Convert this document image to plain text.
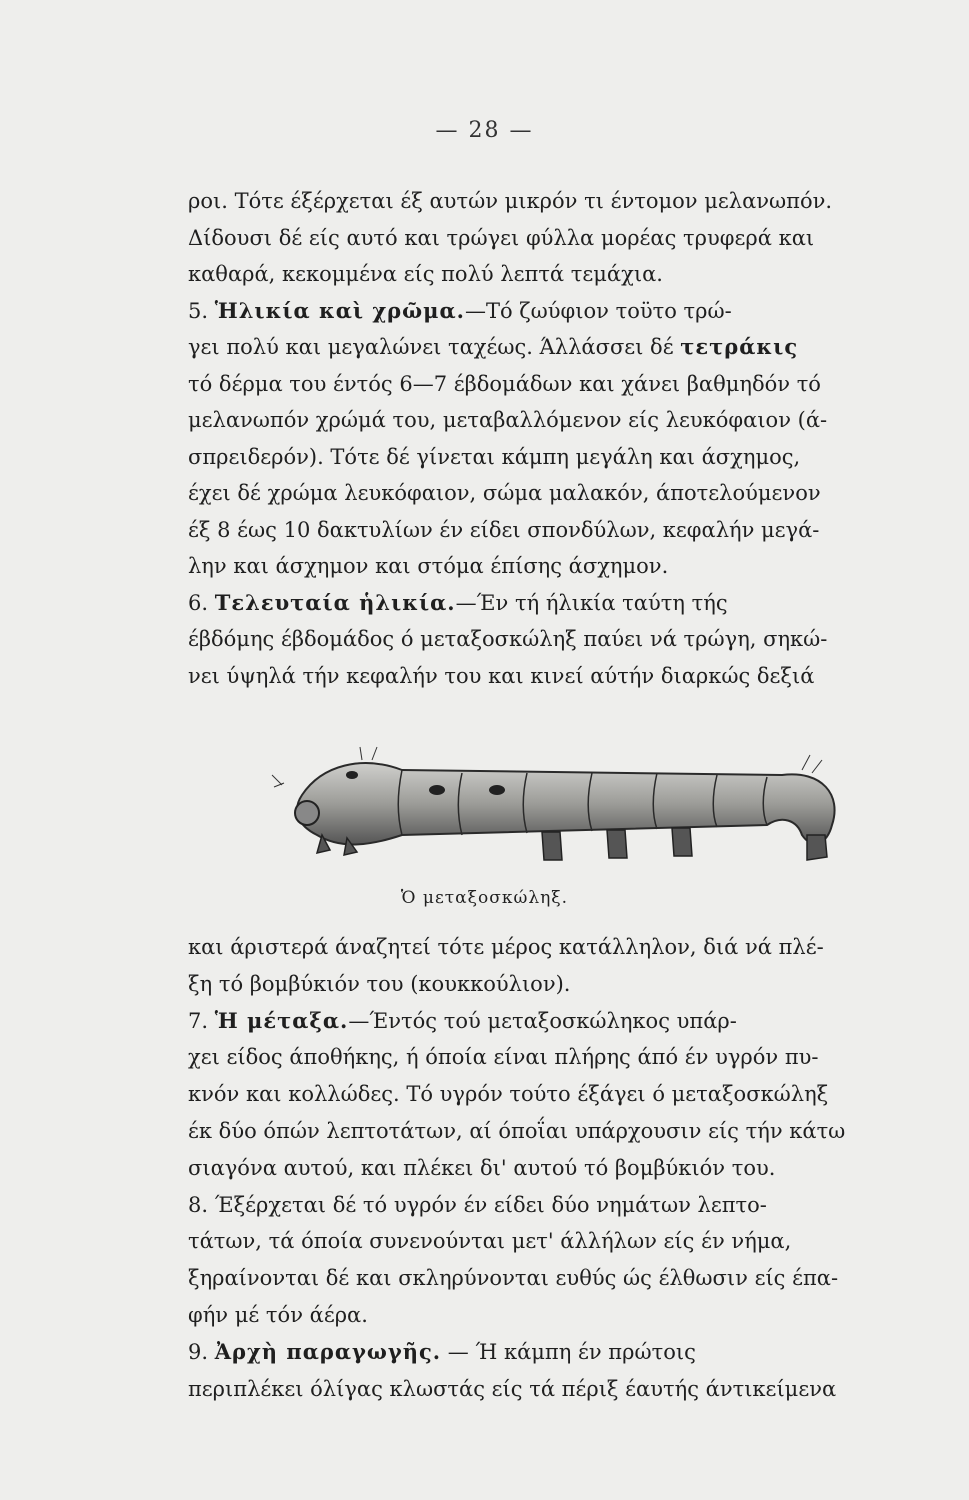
— 28 —
ροι. Τότε έξέρχεται έξ αυτών μικρόν τι έντομον μελανωπόν.
Δίδουσι δέ είς αυτό και τρώγει φύλλα μορέας τρυφερά και
καθαρά, κεκομμένα είς πολύ λεπτά τεμάχια.
5. Ἡλικία καὶ χρῶμα.—Τό ζωύφιον τοϋτο τρώ-
γει πολύ και μεγαλώνει ταχέως. Άλλάσσει δέ τετράκις
τό δέρμα του έντός 6—7 έβδομάδων και χάνει βαθμηδόν τό
μελανωπόν χρώμά του, μεταβαλλόμενον είς λευκόφαιον (ά-
σπρειδερόν). Τότε δέ γίνεται κάμπη μεγάλη και άσχημος,
έχει δέ χρώμα λευκόφαιον, σώμα μαλακόν, άποτελούμενον
έξ 8 έως 10 δακτυλίων έν είδει σπονδύλων, κεφαλήν μεγά-
λην και άσχημον και στόμα έπίσης άσχημον.
6. Τελευταία ἡλικία.—Έν τή ήλικία ταύτη τής
έβδόμης έβδομάδος ό μεταξοσκώληξ παύει νά τρώγη, σηκώ-
νει ύψηλά τήν κεφαλήν του και κινεί αύτήν διαρκώς δεξιά
Ὁ μεταξοσκώληξ.
και άριστερά άναζητεί τότε μέρος κατάλληλον, διά νά πλέ-
ξη τό βομβύκιόν του (κουκκούλιον).
7. Ἡ μέταξα.—Έντός τού μεταξοσκώληκος υπάρ-
χει είδος άποθήκης, ή όποία είναι πλήρης άπό έν υγρόν πυ-
κνόν και κολλώδες. Τό υγρόν τούτο έξάγει ό μεταξοσκώληξ
έκ δύο όπών λεπτοτάτων, αί όποΐαι υπάρχουσιν είς τήν κάτω
σιαγόνα αυτού, και πλέκει δι' αυτού τό βομβύκιόν του.
8. Έξέρχεται δέ τό υγρόν έν είδει δύο νημάτων λεπτο-
τάτων, τά όποία συνενούνται μετ' άλλήλων είς έν νήμα,
ξηραίνονται δέ και σκληρύνονται ευθύς ώς έλθωσιν είς έπα-
φήν μέ τόν άέρα.
9. Ἀρχὴ παραγωγῆς. — Ή κάμπη έν πρώτοις
περιπλέκει όλίγας κλωστάς είς τά πέριξ έαυτής άντικείμενα
